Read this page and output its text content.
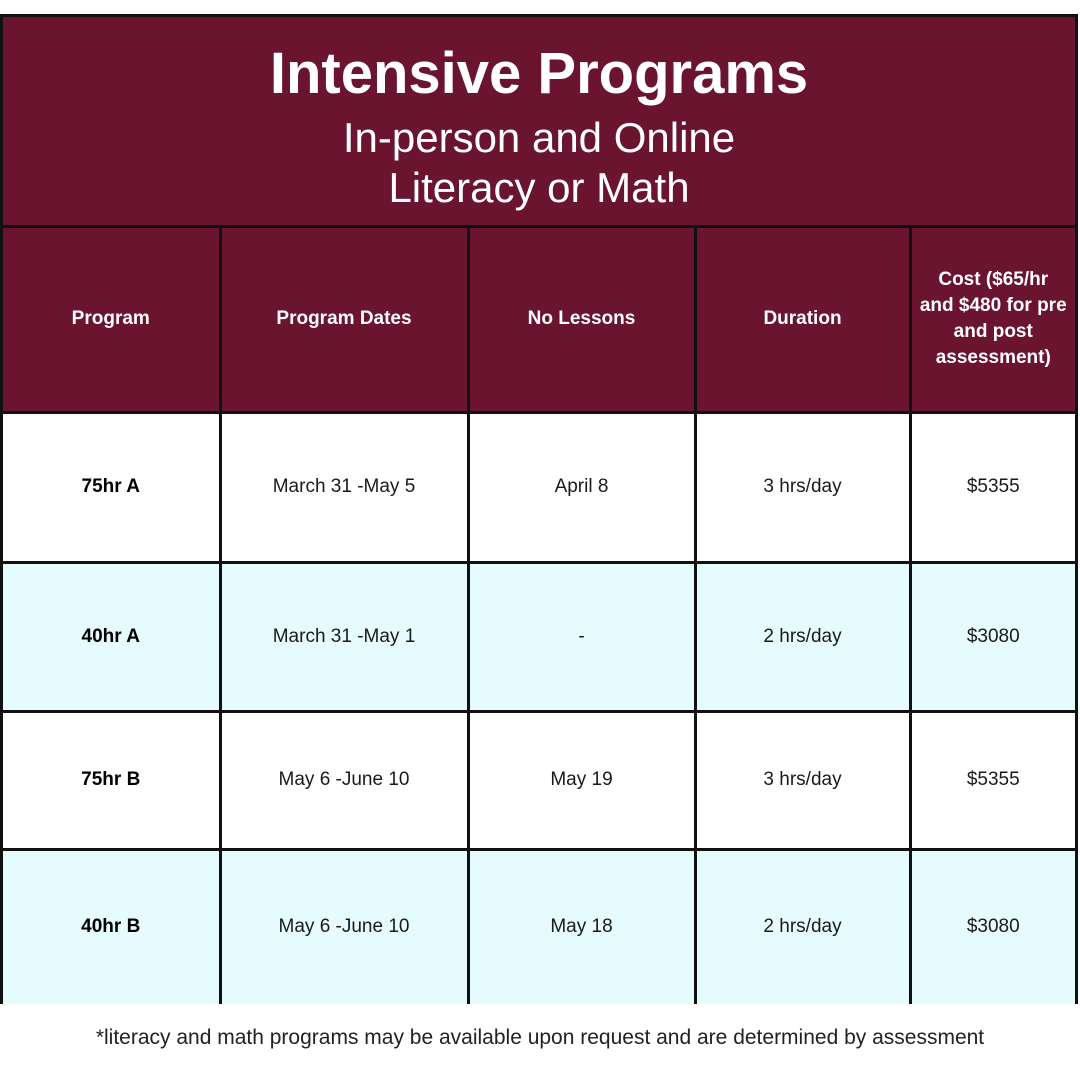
Intensive Programs
In-person and Online
Literacy or Math
Program	Program Dates	No Lessons	Duration	Cost ($65/hr and $480 for pre and post assessment)
75hr A	March 31 -May 5	April 8	3 hrs/day	$5355
40hr A	March 31 -May 1	-	2 hrs/day	$3080
75hr B	May 6 -June 10	May 19	3 hrs/day	$5355
40hr B	May 6 -June 10	May 18	2 hrs/day	$3080
*literacy and math programs may be available upon request and are determined by assessment
